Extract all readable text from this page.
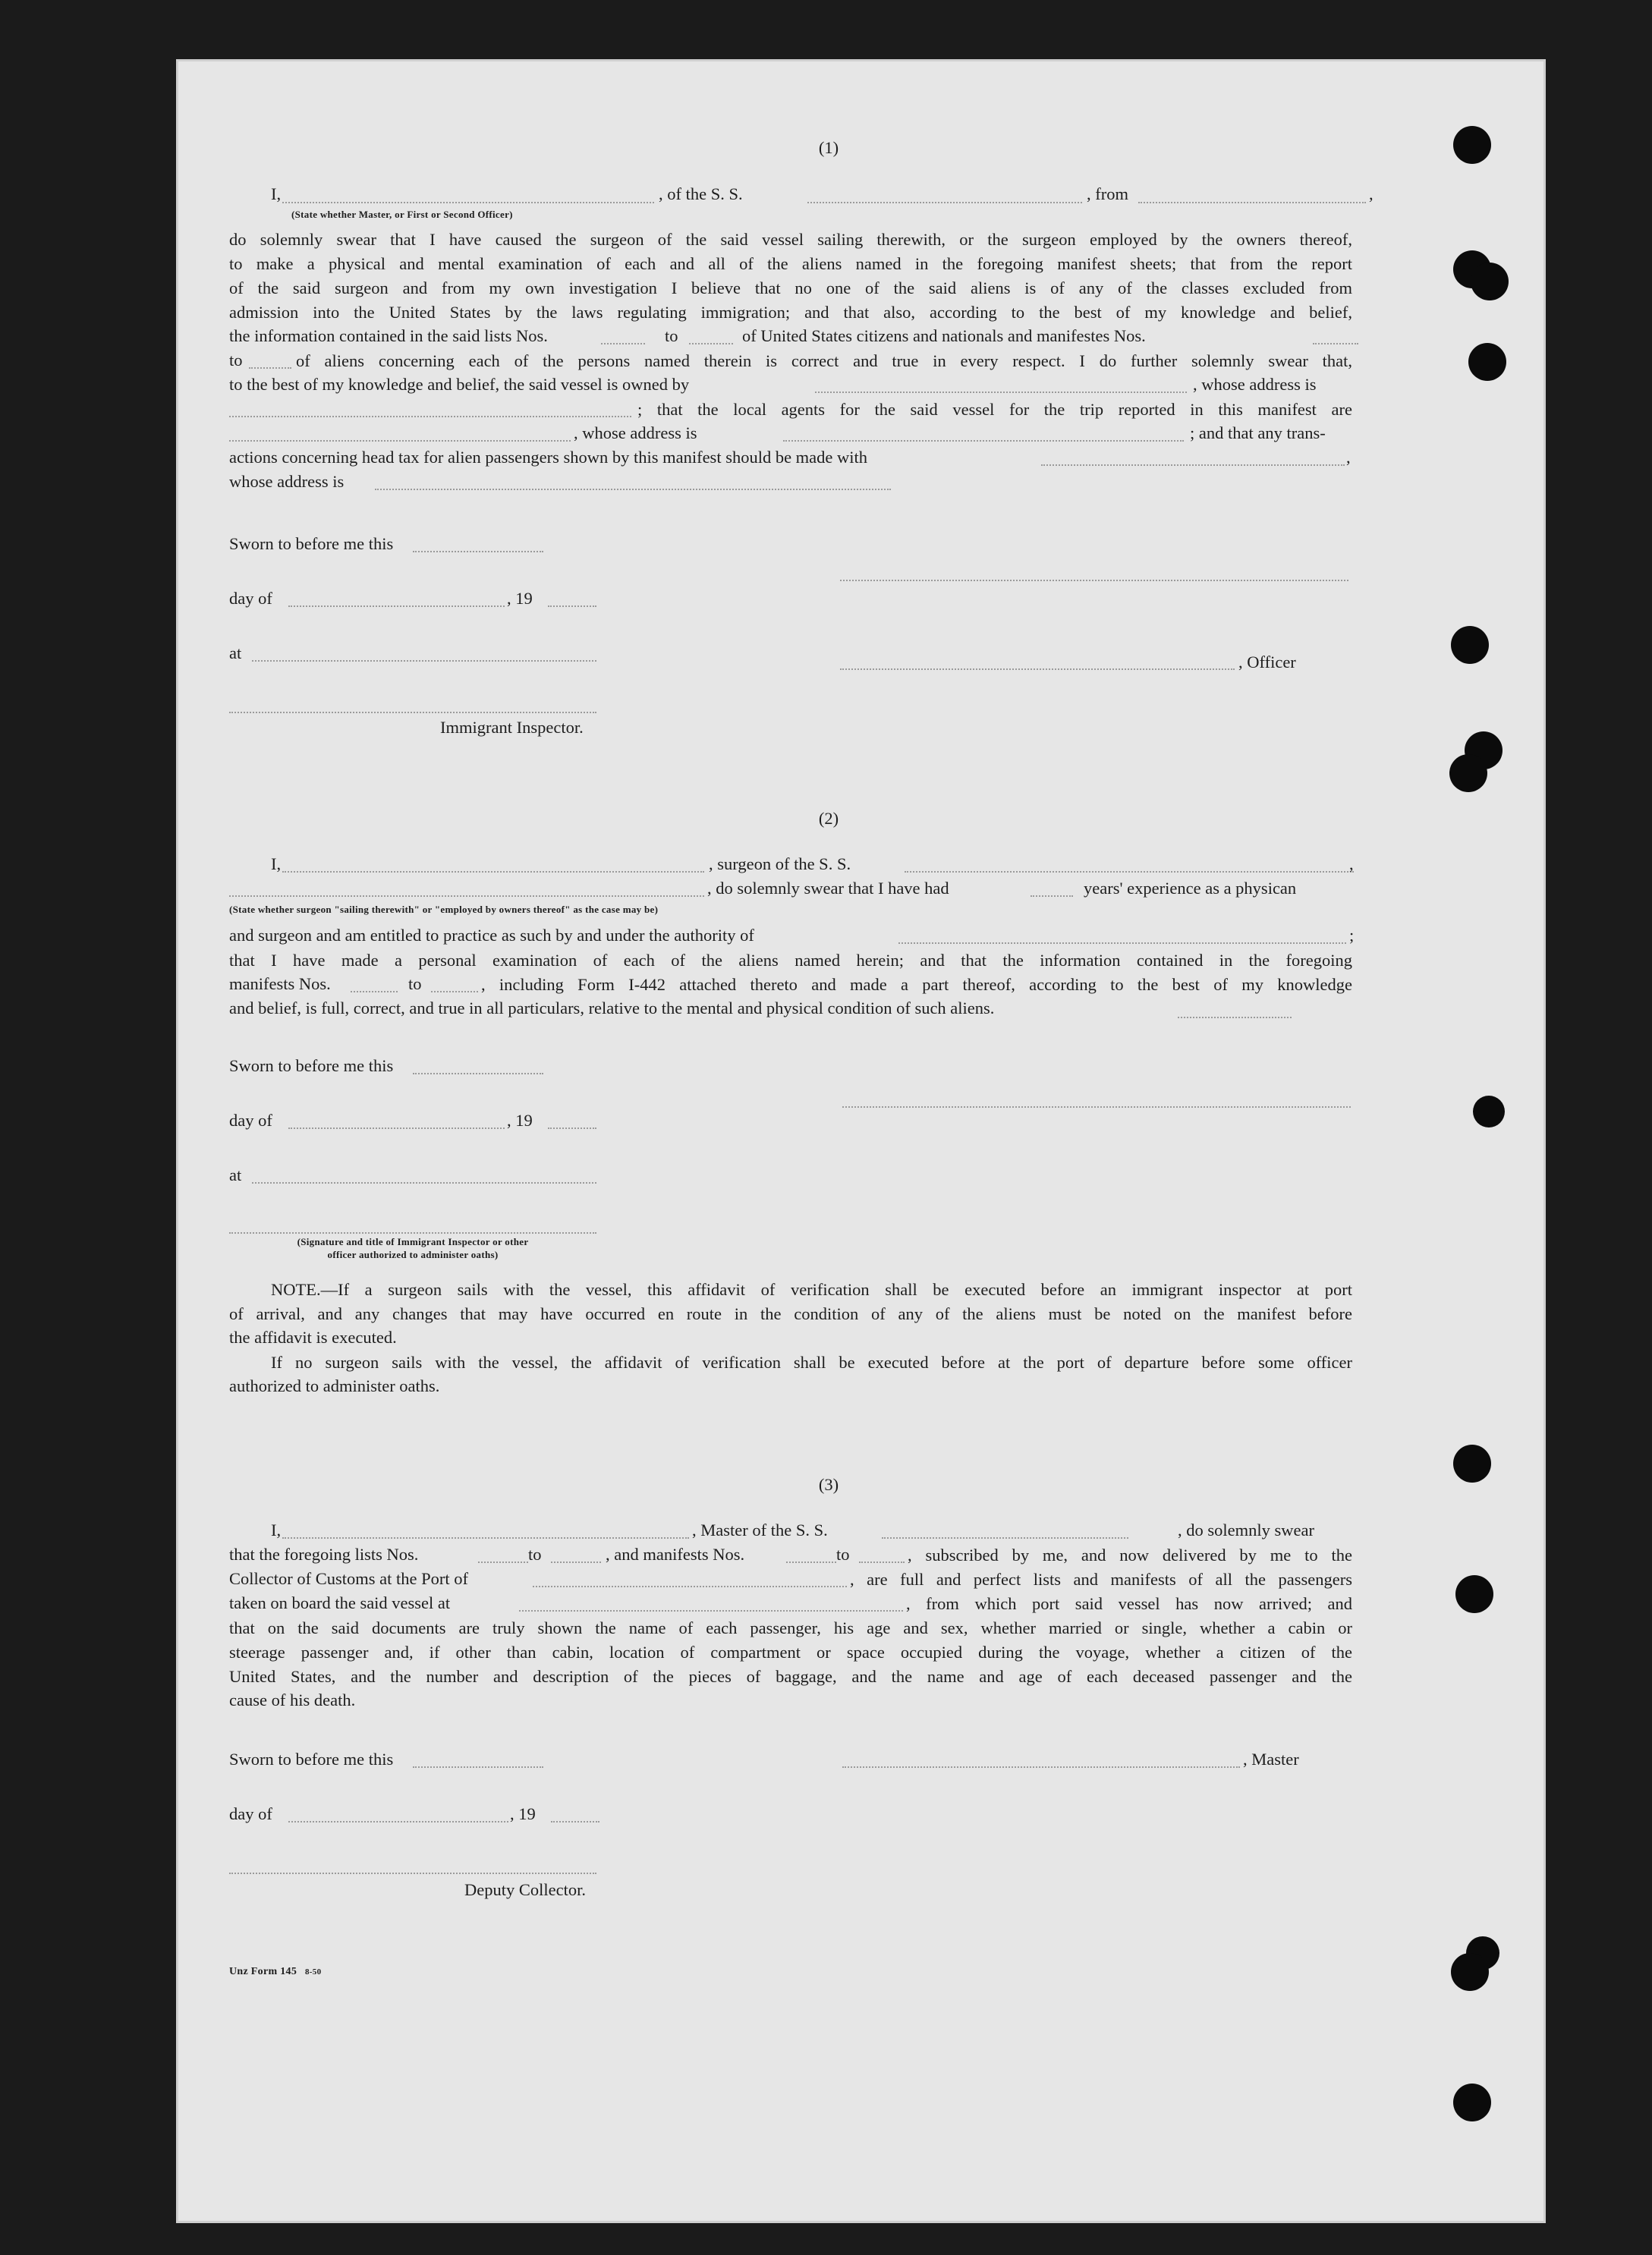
(1)
I,	, of the S. S.	, from	,
(State whether Master, or First or Second Officer)
do solemnly swear that I have caused the surgeon of the said vessel sailing therewith, or the surgeon employed by the owners thereof,
to make a physical and mental examination of each and all of the aliens named in the foregoing manifest sheets; that from the report
of the said surgeon and from my own investigation I believe that no one of the said aliens is of any of the classes excluded from
admission into the United States by the laws regulating immigration; and that also, according to the best of my knowledge and belief,
the information contained in the said lists Nos.	to	of United States citizens and nationals and manifestes Nos.
to	of aliens concerning each of the persons named therein is correct and true in every respect. I do further solemnly swear that,
to the best of my knowledge and belief, the said vessel is owned by	, whose address is
; that the local agents for the said vessel for the trip reported in this manifest are
, whose address is	; and that any trans-
actions concerning head tax for alien passengers shown by this manifest should be made with	,
whose address is
Sworn to before me this
day of	, 19
at	, Officer
Immigrant Inspector.
(2)
I,	, surgeon of the S. S.	,
, do solemnly swear that I have had	years' experience as a physican
(State whether surgeon "sailing therewith" or "employed by owners thereof" as the case may be)
and surgeon and am entitled to practice as such by and under the authority of	;
that I have made a personal examination of each of the aliens named herein; and that the information contained in the foregoing
manifests Nos.	to	, including Form I-442 attached thereto and made a part thereof, according to the best of my knowledge
and belief, is full, correct, and true in all particulars, relative to the mental and physical condition of such aliens.
Sworn to before me this
day of	, 19
at
(Signature and title of Immigrant Inspector or other
officer authorized to administer oaths)
NOTE.—If a surgeon sails with the vessel, this affidavit of verification shall be executed before an immigrant inspector at port
of arrival, and any changes that may have occurred en route in the condition of any of the aliens must be noted on the manifest before
the affidavit is executed.
If no surgeon sails with the vessel, the affidavit of verification shall be executed before at the port of departure before some officer
authorized to administer oaths.
(3)
I,	, Master of the S. S.	, do solemnly swear
that the foregoing lists Nos.	to	, and manifests Nos.	to	, subscribed by me, and now delivered by me to the
Collector of Customs at the Port of	, are full and perfect lists and manifests of all the passengers
taken on board the said vessel at	, from which port said vessel has now arrived; and
that on the said documents are truly shown the name of each passenger, his age and sex, whether married or single, whether a cabin or
steerage passenger and, if other than cabin, location of compartment or space occupied during the voyage, whether a citizen of the
United States, and the number and description of the pieces of baggage, and the name and age of each deceased passenger and the
cause of his death.
Sworn to before me this	, Master
day of	, 19
Deputy Collector.
Unz Form 145 8-50
